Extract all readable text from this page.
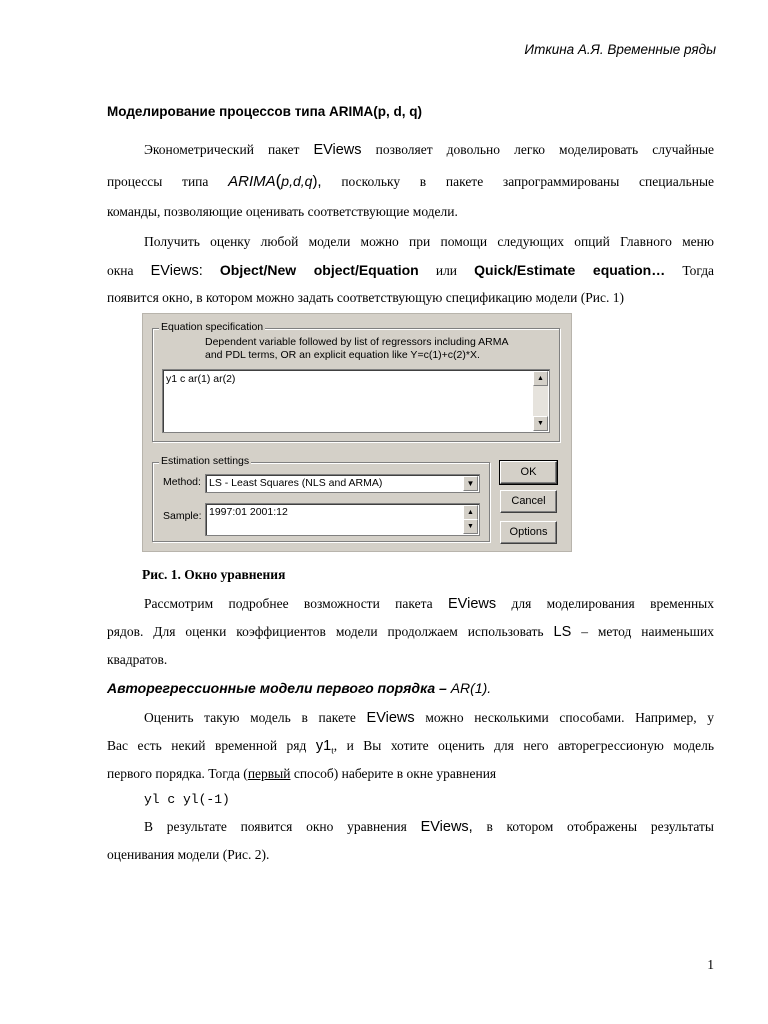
Иткина А.Я. Временные ряды
Моделирование процессов типа ARIMA(p, d, q)
Эконометрический пакет EViews позволяет довольно легко моделировать случайные
процессы типа ARIMA(p,d,q), поскольку в пакете запрограммированы специальные
команды, позволяющие оценивать соответствующие модели.
Получить оценку любой модели можно при помощи следующих опций Главного меню
окна EViews: Object/New object/Equation или Quick/Estimate equation… Тогда
появится окно, в котором можно задать соответствующую спецификацию модели (Рис. 1)
Equation specification
Dependent variable followed by list of regressors including ARMA
and PDL terms, OR an explicit equation like Y=c(1)+c(2)*X.
y1 c ar(1) ar(2)	▲
▼
Estimation settings
Method: LS - Least Squares (NLS and ARMA)	▼
Sample: 1997:01 2001:12	▲
▼
OK
Cancel
Options
Рис. 1. Окно уравнения
Рассмотрим подробнее возможности пакета EViews для моделирования временных
рядов. Для оценки коэффициентов модели продолжаем использовать LS – метод наименьших
квадратов.
Авторегрессионные модели первого порядка – AR(1).
Оценить такую модель в пакете EViews можно несколькими способами. Например, у
Вас есть некий временной ряд $y1_t$, и Вы хотите оценить для него авторегрессионую модель
первого порядка. Тогда (первый способ) наберите в окне уравнения
yl c yl(-1)
В результате появится окно уравнения EViews, в котором отображены результаты
оценивания модели (Рис. 2).
1
